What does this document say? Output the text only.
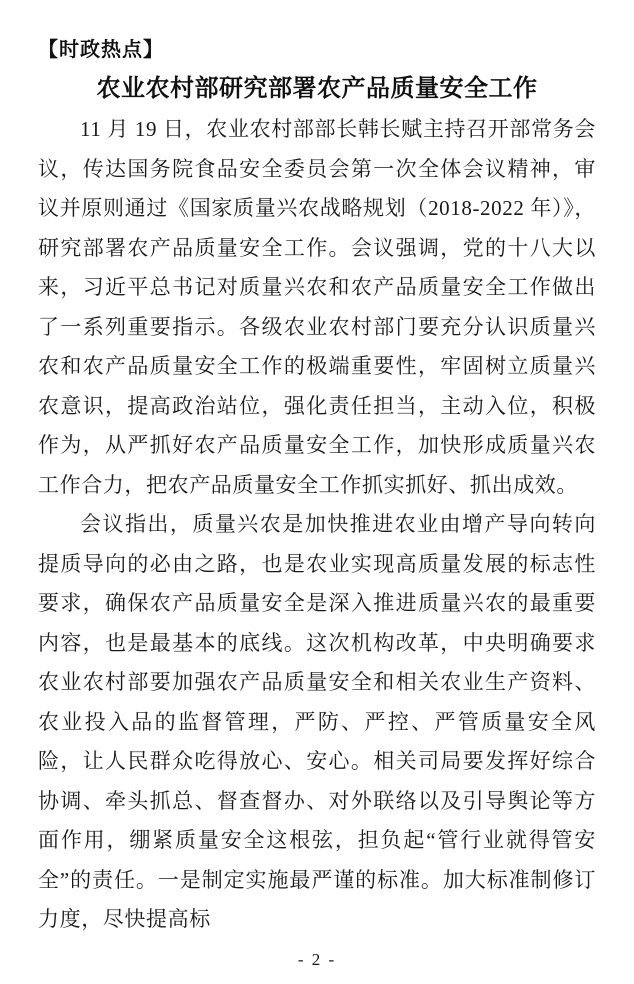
【时政热点】
农业农村部研究部署农产品质量安全工作

11 月 19 日，农业农村部部长韩长赋主持召开部常务会议，传达国务院食品安全委员会第一次全体会议精神，审议并原则通过《国家质量兴农战略规划（2018-2022 年）》，研究部署农产品质量安全工作。会议强调，党的十八大以来，习近平总书记对质量兴农和农产品质量安全工作做出了一系列重要指示。各级农业农村部门要充分认识质量兴农和农产品质量安全工作的极端重要性，牢固树立质量兴农意识，提高政治站位，强化责任担当，主动入位，积极作为，从严抓好农产品质量安全工作，加快形成质量兴农工作合力，把农产品质量安全工作抓实抓好、抓出成效。

会议指出，质量兴农是加快推进农业由增产导向转向提质导向的必由之路，也是农业实现高质量发展的标志性要求，确保农产品质量安全是深入推进质量兴农的最重要内容，也是最基本的底线。这次机构改革，中央明确要求农业农村部要加强农产品质量安全和相关农业生产资料、农业投入品的监督管理，严防、严控、严管质量安全风险，让人民群众吃得放心、安心。相关司局要发挥好综合协调、牵头抓总、督查督办、对外联络以及引导舆论等方面作用，绷紧质量安全这根弦，担负起“管行业就得管安全”的责任。一是制定实施最严谨的标准。加大标准制修订力度，尽快提高标

- 2 -
